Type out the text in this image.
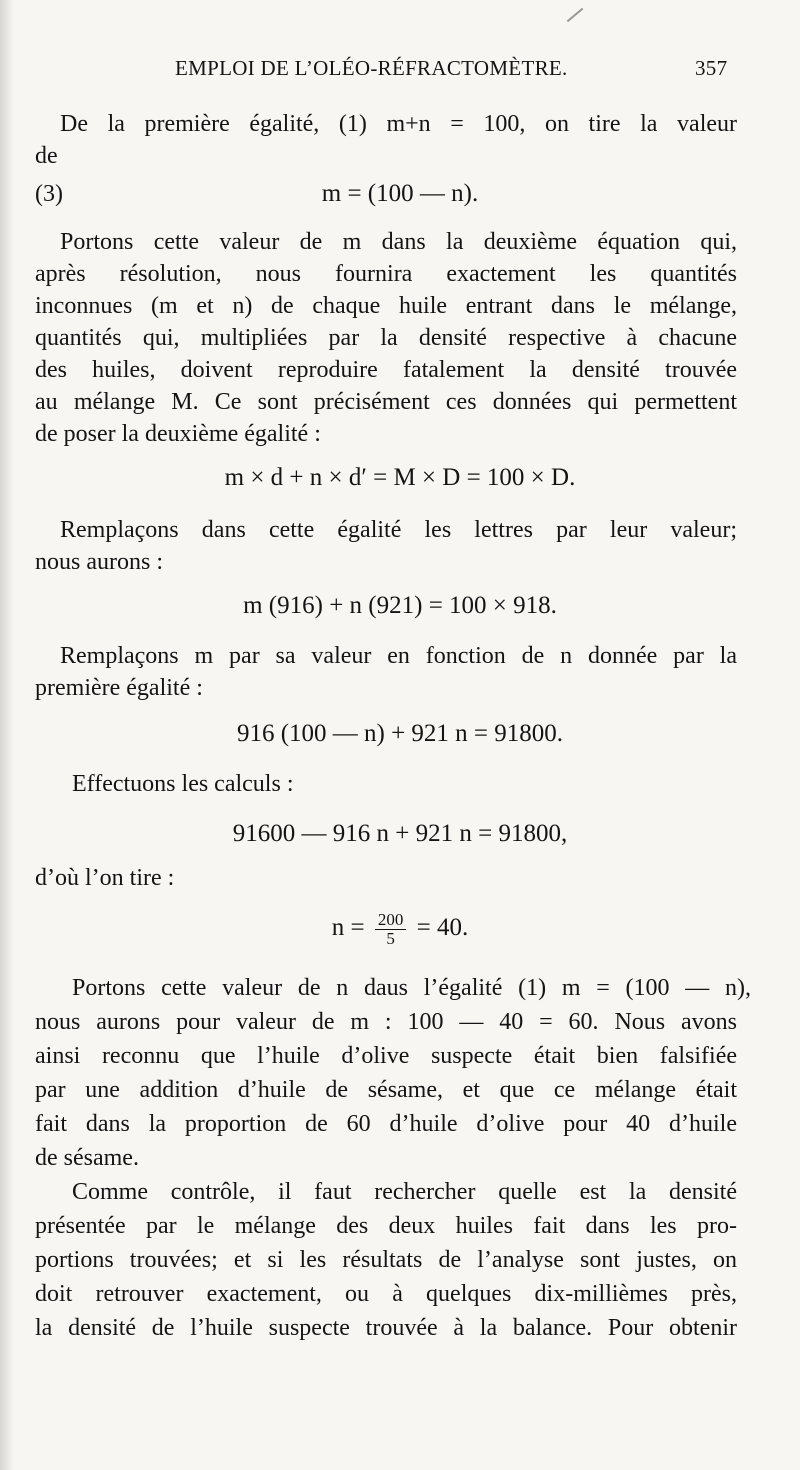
EMPLOI DE L’OLÉO-RÉFRACTOMÈTRE.	357
De la première égalité, (1) m+n = 100, on tire la valeur
de
(3)	m = (100 — n).
Portons cette valeur de m dans la deuxième équation qui,
après résolution, nous fournira exactement les quantités
inconnues (m et n) de chaque huile entrant dans le mélange,
quantités qui, multipliées par la densité respective à chacune
des huiles, doivent reproduire fatalement la densité trouvée
au mélange M. Ce sont précisément ces données qui permettent
de poser la deuxième égalité :
m × d + n × d′ = M × D = 100 × D.
Remplaçons dans cette égalité les lettres par leur valeur;
nous aurons :
m (916) + n (921) = 100 × 918.
Remplaçons m par sa valeur en fonction de n donnée par la
première égalité :
916 (100 — n) + 921 n = 91800.
Effectuons les calculs :
91600 — 916 n + 921 n = 91800,
d’où l’on tire :
$n = \frac{200}{5} = 40$.
Portons cette valeur de n daus l’égalité (1) m = (100 — n),
nous aurons pour valeur de m : 100 — 40 = 60. Nous avons
ainsi reconnu que l’huile d’olive suspecte était bien falsifiée
par une addition d’huile de sésame, et que ce mélange était
fait dans la proportion de 60 d’huile d’olive pour 40 d’huile
de sésame.
Comme contrôle, il faut rechercher quelle est la densité
présentée par le mélange des deux huiles fait dans les pro-
portions trouvées; et si les résultats de l’analyse sont justes, on
doit retrouver exactement, ou à quelques dix-millièmes près,
la densité de l’huile suspecte trouvée à la balance. Pour obtenir
